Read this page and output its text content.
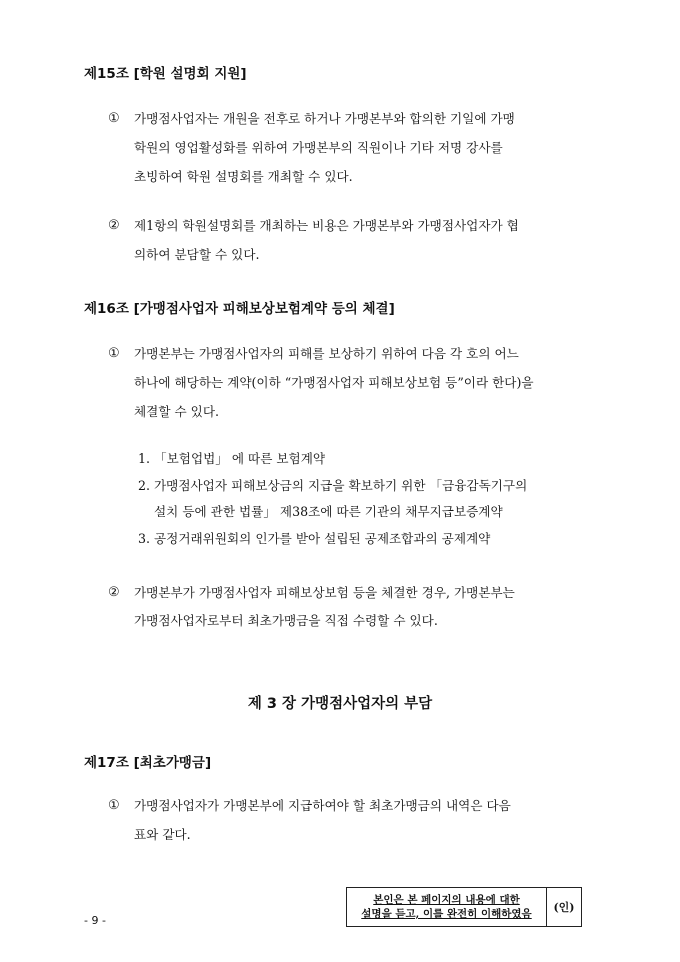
제15조 [학원 설명회 지원]
① 가맹점사업자는 개원을 전후로 하거나 가맹본부와 합의한 기일에 가맹
학원의 영업활성화를 위하여 가맹본부의 직원이나 기타 저명 강사를
초빙하여 학원 설명회를 개최할 수 있다.
② 제1항의 학원설명회를 개최하는 비용은 가맹본부와 가맹점사업자가 협
의하여 분담할 수 있다.
제16조 [가맹점사업자 피해보상보험계약 등의 체결]
① 가맹본부는 가맹점사업자의 피해를 보상하기 위하여 다음 각 호의 어느
하나에 해당하는 계약(이하 “가맹점사업자 피해보상보험 등”이라 한다)을
체결할 수 있다.
1. 「보험업법」 에 따른 보험계약
2. 가맹점사업자 피해보상금의 지급을 확보하기 위한 「금융감독기구의
설치 등에 관한 법률」 제38조에 따른 기관의 채무지급보증계약
3. 공정거래위원회의 인가를 받아 설립된 공제조합과의 공제계약
② 가맹본부가 가맹점사업자 피해보상보험 등을 체결한 경우, 가맹본부는
가맹점사업자로부터 최초가맹금을 직접 수령할 수 있다.
제 3 장 가맹점사업자의 부담
제17조 [최초가맹금]
① 가맹점사업자가 가맹본부에 지급하여야 할 최초가맹금의 내역은 다음
표와 같다.
- 9 -
본인은 본 페이지의 내용에 대한
설명을 듣고, 이를 완전히 이해하였음	(인)
